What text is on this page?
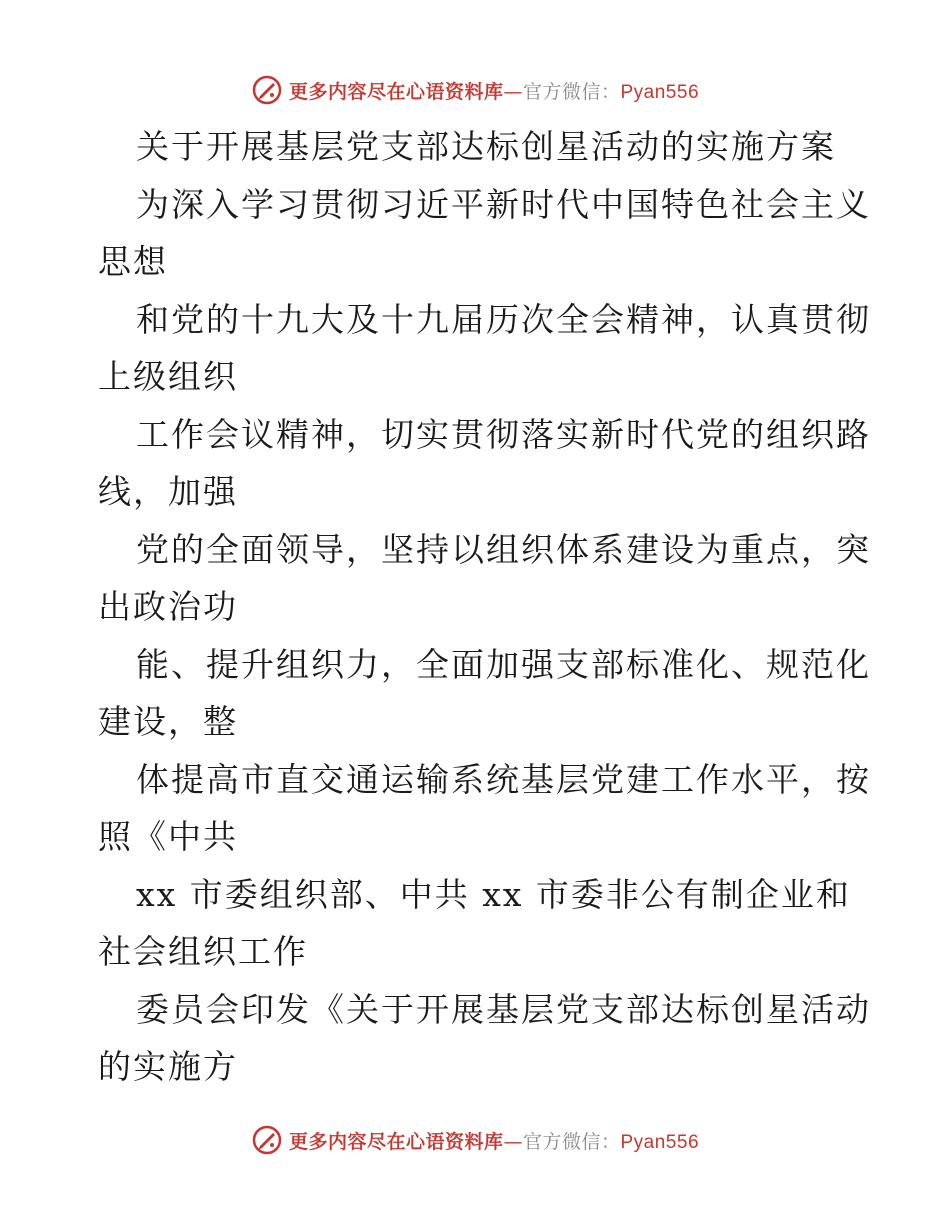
更多内容尽在心语资料库—官方微信：Pyan556
关于开展基层党支部达标创星活动的实施方案
为深入学习贯彻习近平新时代中国特色社会主义
思想
和党的十九大及十九届历次全会精神，认真贯彻
上级组织
工作会议精神，切实贯彻落实新时代党的组织路
线，加强
党的全面领导，坚持以组织体系建设为重点，突
出政治功
能、提升组织力，全面加强支部标准化、规范化
建设，整
体提高市直交通运输系统基层党建工作水平，按
照《中共
xx 市委组织部、中共 xx 市委非公有制企业和
社会组织工作
委员会印发《关于开展基层党支部达标创星活动
的实施方
更多内容尽在心语资料库—官方微信：Pyan556
